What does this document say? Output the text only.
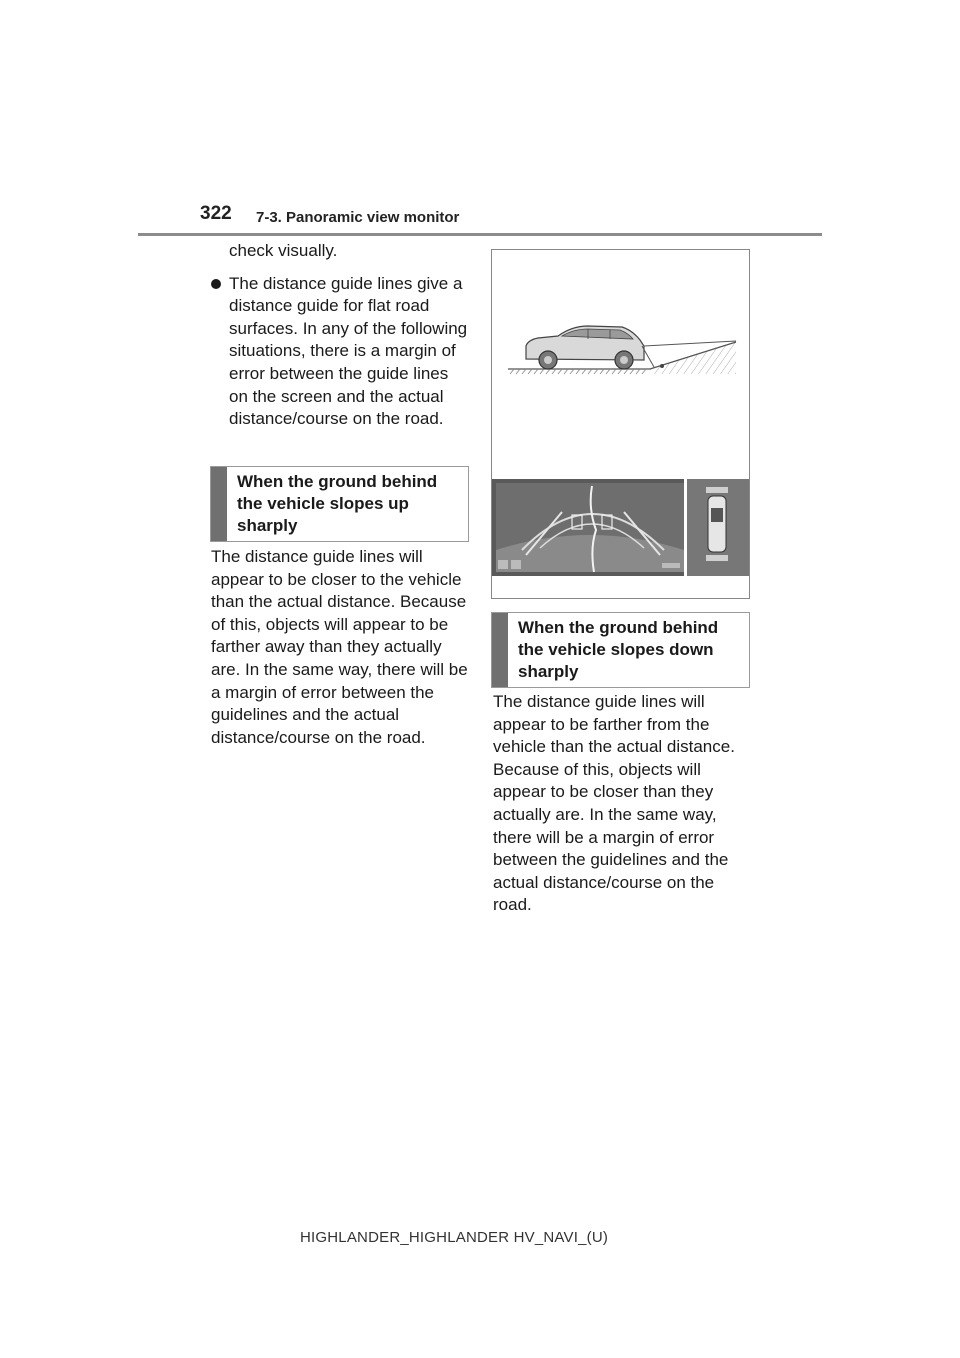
322 7-3. Panoramic view monitor
check visually.
The distance guide lines give a distance guide for flat road surfaces. In any of the following situations, there is a margin of error between the guide lines on the screen and the actual distance/course on the road.
When the ground behind the vehicle slopes up sharply
The distance guide lines will appear to be closer to the vehicle than the actual distance. Because of this, objects will appear to be farther away than they actually are. In the same way, there will be a margin of error between the guidelines and the actual distance/course on the road.
When the ground behind the vehicle slopes down sharply
The distance guide lines will appear to be farther from the vehicle than the actual distance. Because of this, objects will appear to be closer than they actually are. In the same way, there will be a margin of error between the guidelines and the actual distance/course on the road.
HIGHLANDER_HIGHLANDER HV_NAVI_(U)
